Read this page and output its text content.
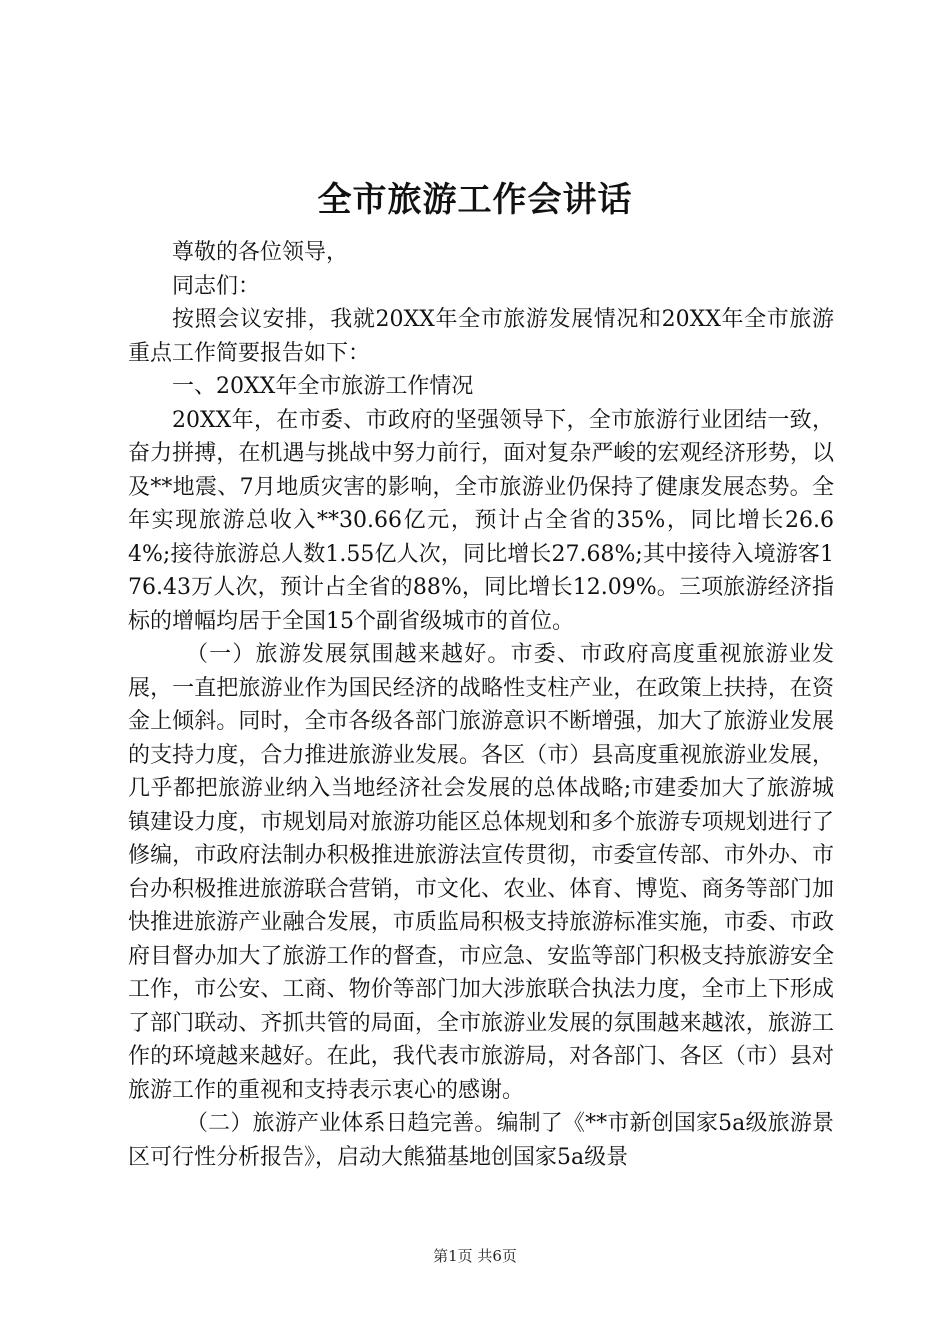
全市旅游工作会讲话

尊敬的各位领导，

同志们：

按照会议安排，我就20XX年全市旅游发展情况和20XX年全市旅游重点工作简要报告如下：

一、20XX年全市旅游工作情况

20XX年，在市委、市政府的坚强领导下，全市旅游行业团结一致，奋力拼搏，在机遇与挑战中努力前行，面对复杂严峻的宏观经济形势，以及**地震、7月地质灾害的影响，全市旅游业仍保持了健康发展态势。全年实现旅游总收入**30.66亿元，预计占全省的35%，同比增长26.64%;接待旅游总人数1.55亿人次，同比增长27.68%;其中接待入境游客176.43万人次，预计占全省的88%，同比增长12.09%。三项旅游经济指标的增幅均居于全国15个副省级城市的首位。

（一）旅游发展氛围越来越好。市委、市政府高度重视旅游业发展，一直把旅游业作为国民经济的战略性支柱产业，在政策上扶持，在资金上倾斜。同时，全市各级各部门旅游意识不断增强，加大了旅游业发展的支持力度，合力推进旅游业发展。各区（市）县高度重视旅游业发展，几乎都把旅游业纳入当地经济社会发展的总体战略;市建委加大了旅游城镇建设力度，市规划局对旅游功能区总体规划和多个旅游专项规划进行了修编，市政府法制办积极推进旅游法宣传贯彻，市委宣传部、市外办、市台办积极推进旅游联合营销，市文化、农业、体育、博览、商务等部门加快推进旅游产业融合发展，市质监局积极支持旅游标准实施，市委、市政府目督办加大了旅游工作的督查，市应急、安监等部门积极支持旅游安全工作，市公安、工商、物价等部门加大涉旅联合执法力度，全市上下形成了部门联动、齐抓共管的局面，全市旅游业发展的氛围越来越浓，旅游工作的环境越来越好。在此，我代表市旅游局，对各部门、各区（市）县对旅游工作的重视和支持表示衷心的感谢。

（二）旅游产业体系日趋完善。编制了《**市新创国家5a级旅游景区可行性分析报告》，启动大熊猫基地创国家5a级景

第1页 共6页
